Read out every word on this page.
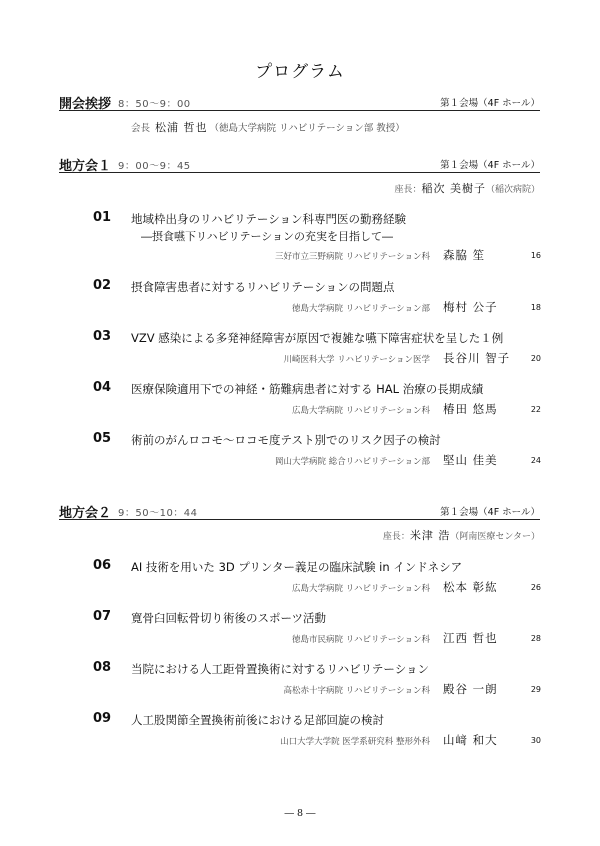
プログラム
開会挨拶 8：50～9：00	第１会場（4F ホール）
会長 松浦 哲也 （徳島大学病院 リハビリテーション部 教授）
地方会１ 9：00～9：45	第１会場（4F ホール）
座長：稲次 美樹子（稲次病院）
01 地域枠出身のリハビリテーション科専門医の勤務経験
―摂食嚥下リハビリテーションの充実を目指して―
三好市立三野病院 リハビリテーション科 森脇 笙	16
02 摂食障害患者に対するリハビリテーションの問題点
徳島大学病院 リハビリテーション部 梅村 公子	18
03 VZV 感染による多発神経障害が原因で複雑な嚥下障害症状を呈した１例
川崎医科大学 リハビリテーション医学 長谷川 智子	20
04 医療保険適用下での神経・筋難病患者に対する HAL 治療の長期成績
広島大学病院 リハビリテーション科 椿田 悠馬	22
05 術前のがんロコモ～ロコモ度テスト別でのリスク因子の検討
岡山大学病院 総合リハビリテーション部 堅山 佳美	24
地方会２ 9：50～10：44	第１会場（4F ホール）
座長：米津 浩（阿南医療センター）
06 AI 技術を用いた 3D プリンター義足の臨床試験 in インドネシア
広島大学病院 リハビリテーション科 松本 彰紘	26
07 寛骨臼回転骨切り術後のスポーツ活動
徳島市民病院 リハビリテーション科 江西 哲也	28
08 当院における人工距骨置換術に対するリハビリテーション
高松赤十字病院 リハビリテーション科 殿谷 一朗	29
09 人工股関節全置換術前後における足部回旋の検討
山口大学大学院 医学系研究科 整形外科 山﨑 和大	30
― 8 ―
